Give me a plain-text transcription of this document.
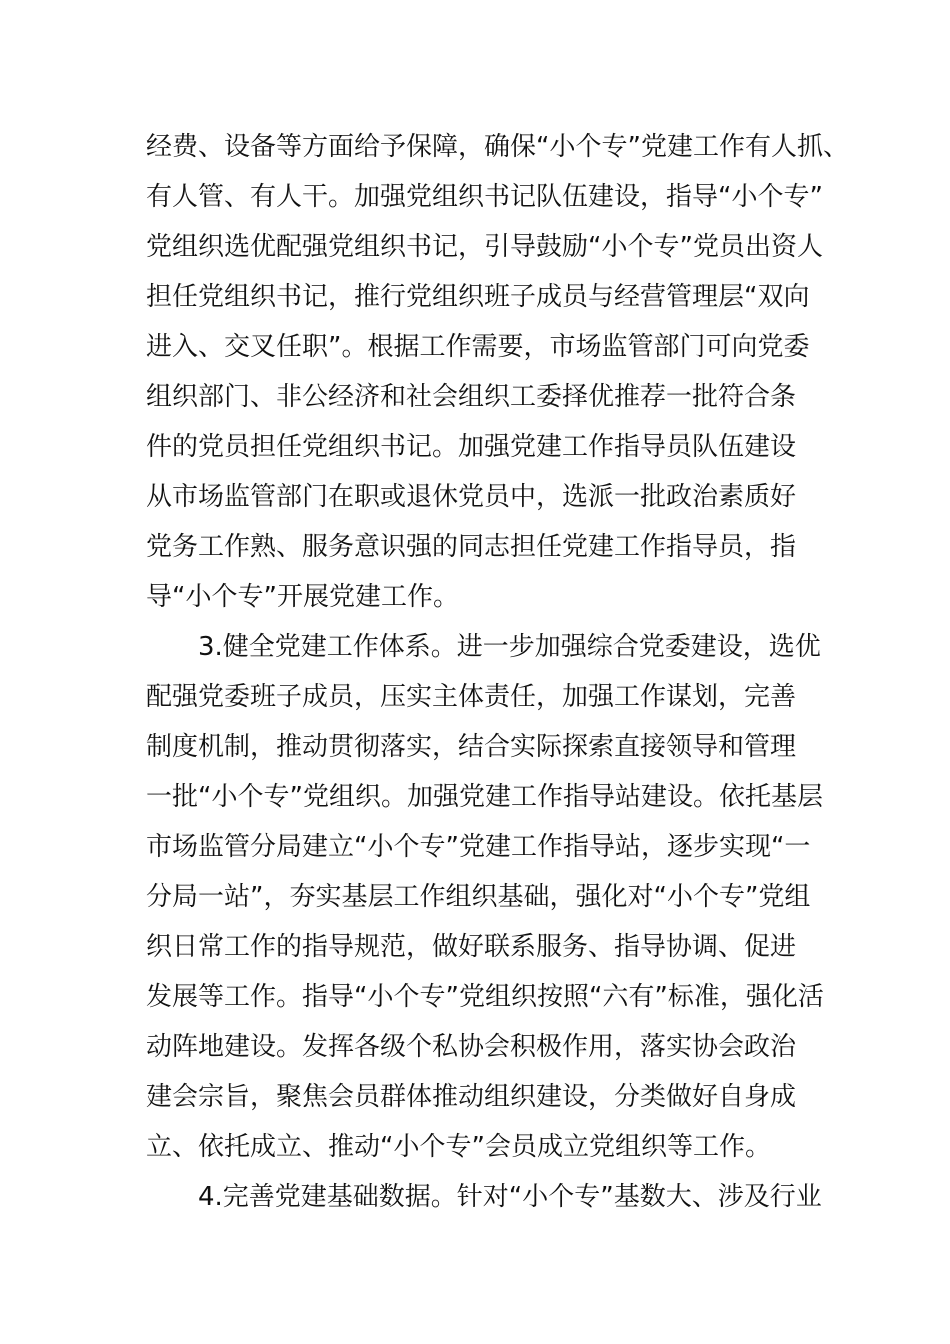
经费、设备等方面给予保障，确保“小个专”党建工作有人抓、
有人管、有人干。加强党组织书记队伍建设，指导“小个专”
党组织选优配强党组织书记，引导鼓励“小个专”党员出资人
担任党组织书记，推行党组织班子成员与经营管理层“双向
进入、交叉任职”。根据工作需要，市场监管部门可向党委
组织部门、非公经济和社会组织工委择优推荐一批符合条
件的党员担任党组织书记。加强党建工作指导员队伍建设
从市场监管部门在职或退休党员中，选派一批政治素质好
党务工作熟、服务意识强的同志担任党建工作指导员，指
导“小个专”开展党建工作。
3.健全党建工作体系。进一步加强综合党委建设，选优
配强党委班子成员，压实主体责任，加强工作谋划，完善
制度机制，推动贯彻落实，结合实际探索直接领导和管理
一批“小个专”党组织。加强党建工作指导站建设。依托基层
市场监管分局建立“小个专”党建工作指导站，逐步实现“一
分局一站”，夯实基层工作组织基础，强化对“小个专”党组
织日常工作的指导规范，做好联系服务、指导协调、促进
发展等工作。指导“小个专”党组织按照“六有”标准，强化活
动阵地建设。发挥各级个私协会积极作用，落实协会政治
建会宗旨，聚焦会员群体推动组织建设，分类做好自身成
立、依托成立、推动“小个专”会员成立党组织等工作。
4.完善党建基础数据。针对“小个专”基数大、涉及行业
